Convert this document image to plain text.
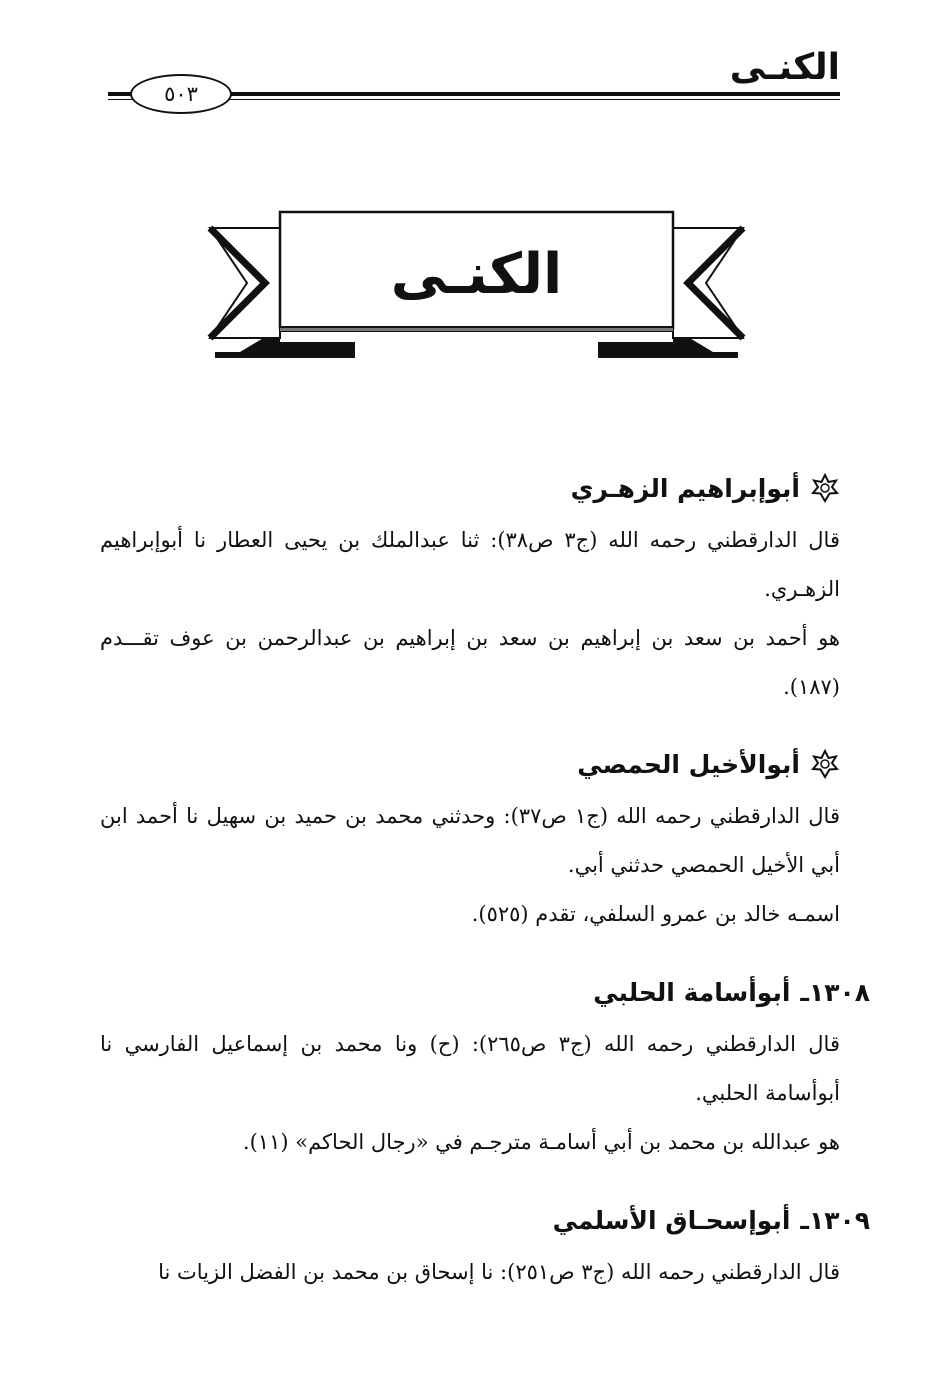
الكنـى
٥٠٣
الكنـى
أبوإبراهيم الزهـري
قال الدارقطني رحمه الله (ج٣ ص٣٨): ثنا عبدالملك بن يحيى العطار نا أبوإبراهيم الزهـري.
هو أحمد بن سعد بن إبراهيم بن سعد بن إبراهيم بن عبدالرحمن بن عوف تقـــدم (١٨٧).
أبوالأخيل الحمصي
قال الدارقطني رحمه الله (ج١ ص٣٧): وحدثني محمد بن حميد بن سهيل نا أحمد ابن أبي الأخيل الحمصي حدثني أبي.
اسمـه خالد بن عمرو السلفي، تقدم (٥٢٥).
١٣٠٨ـ
أبوأسامة الحلبي
قال الدارقطني رحمه الله (ج٣ ص٢٦٥): (ح) ونا محمد بن إسماعيل الفارسي نا أبوأسامة الحلبي.
هو عبدالله بن محمد بن أبي أسامـة مترجـم في «رجال الحاكم» (١١).
١٣٠٩ـ
أبوإسحـاق الأسلمي
قال الدارقطني رحمه الله (ج٣ ص٢٥١): نا إسحاق بن محمد بن الفضل الزيات نا
